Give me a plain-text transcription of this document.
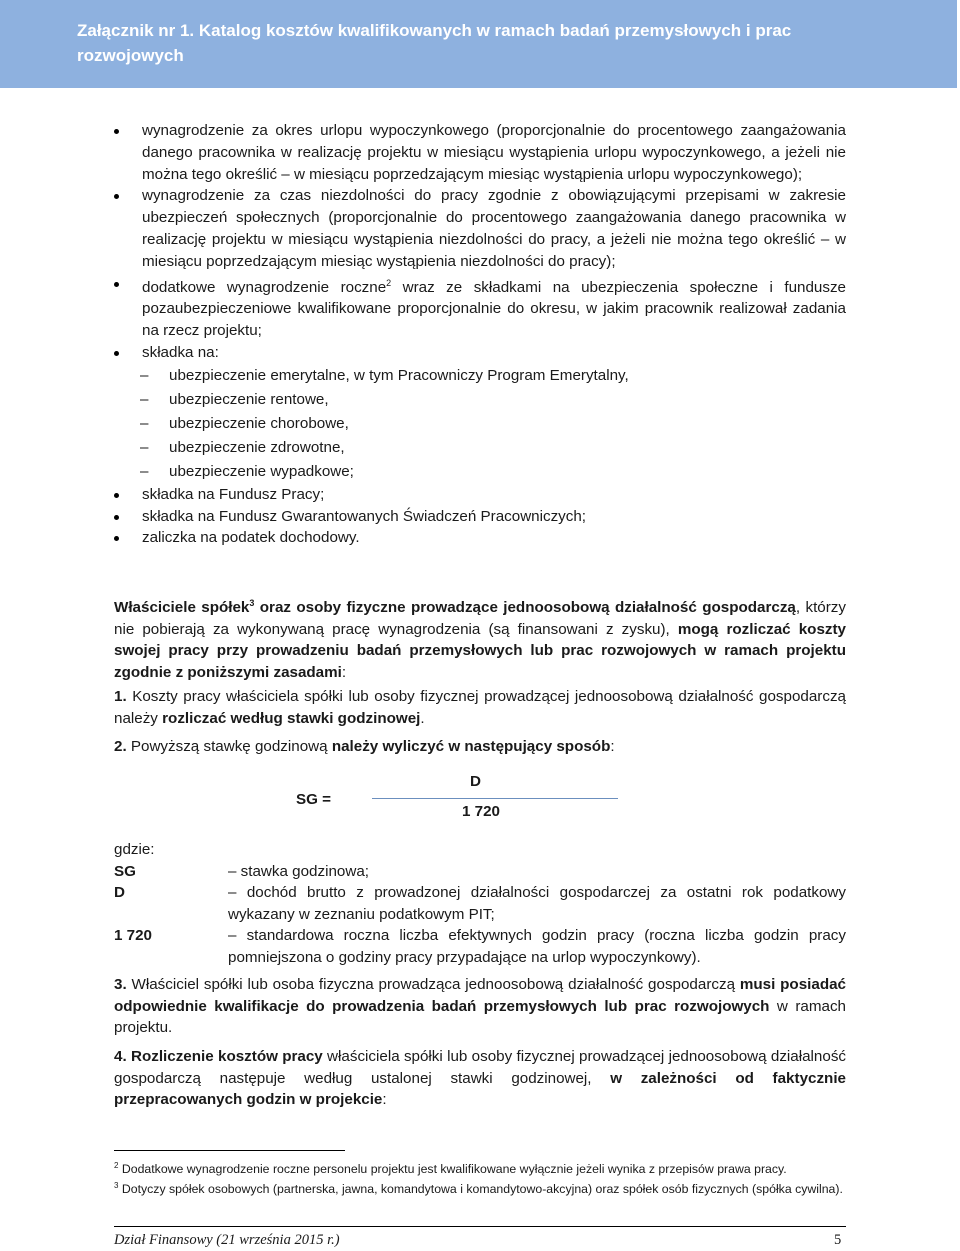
Załącznik nr 1. Katalog kosztów kwalifikowanych w ramach badań przemysłowych i prac rozwojowych
wynagrodzenie za okres urlopu wypoczynkowego (proporcjonalnie do procentowego zaangażowania danego pracownika w realizację projektu w miesiącu wystąpienia urlopu wypoczynkowego, a jeżeli nie można tego określić – w miesiącu poprzedzającym miesiąc wystąpienia urlopu wypoczynkowego);
wynagrodzenie za czas niezdolności do pracy zgodnie z obowiązującymi przepisami w zakresie ubezpieczeń społecznych (proporcjonalnie do procentowego zaangażowania danego pracownika w realizację projektu w miesiącu wystąpienia niezdolności do pracy, a jeżeli nie można tego określić – w miesiącu poprzedzającym miesiąc wystąpienia niezdolności do pracy);
dodatkowe wynagrodzenie roczne$^2$ wraz ze składkami na ubezpieczenia społeczne i fundusze pozaubezpieczeniowe kwalifikowane proporcjonalnie do okresu, w jakim pracownik realizował zadania na rzecz projektu;
składka na:
– ubezpieczenie emerytalne, w tym Pracowniczy Program Emerytalny,
– ubezpieczenie rentowe,
– ubezpieczenie chorobowe,
– ubezpieczenie zdrowotne,
– ubezpieczenie wypadkowe;
składka na Fundusz Pracy;
składka na Fundusz Gwarantowanych Świadczeń Pracowniczych;
zaliczka na podatek dochodowy.
Właściciele spółek$^3$ oraz osoby fizyczne prowadzące jednoosobową działalność gospodarczą, którzy nie pobierają za wykonywaną pracę wynagrodzenia (są finansowani z zysku), mogą rozliczać koszty swojej pracy przy prowadzeniu badań przemysłowych lub prac rozwojowych w ramach projektu zgodnie z poniższymi zasadami:
1. Koszty pracy właściciela spółki lub osoby fizycznej prowadzącej jednoosobową działalność gospodarczą należy rozliczać według stawki godzinowej.
2. Powyższą stawkę godzinową należy wyliczyć w następujący sposób:
SG =
D
1 720
gdzie:
SG	– stawka godzinowa;
D	– dochód brutto z prowadzonej działalności gospodarczej za ostatni rok podatkowy wykazany w zeznaniu podatkowym PIT;
1 720	– standardowa roczna liczba efektywnych godzin pracy (roczna liczba godzin pracy pomniejszona o godziny pracy przypadające na urlop wypoczynkowy).
3. Właściciel spółki lub osoba fizyczna prowadząca jednoosobową działalność gospodarczą musi posiadać odpowiednie kwalifikacje do prowadzenia badań przemysłowych lub prac rozwojowych w ramach projektu.
4. Rozliczenie kosztów pracy właściciela spółki lub osoby fizycznej prowadzącej jednoosobową działalność gospodarczą następuje według ustalonej stawki godzinowej, w zależności od faktycznie przepracowanych godzin w projekcie:
$^2$ Dodatkowe wynagrodzenie roczne personelu projektu jest kwalifikowane wyłącznie jeżeli wynika z przepisów prawa pracy.
$^3$ Dotyczy spółek osobowych (partnerska, jawna, komandytowa i komandytowo-akcyjna) oraz spółek osób fizycznych (spółka cywilna).
Dział Finansowy (21 września 2015 r.)	5
